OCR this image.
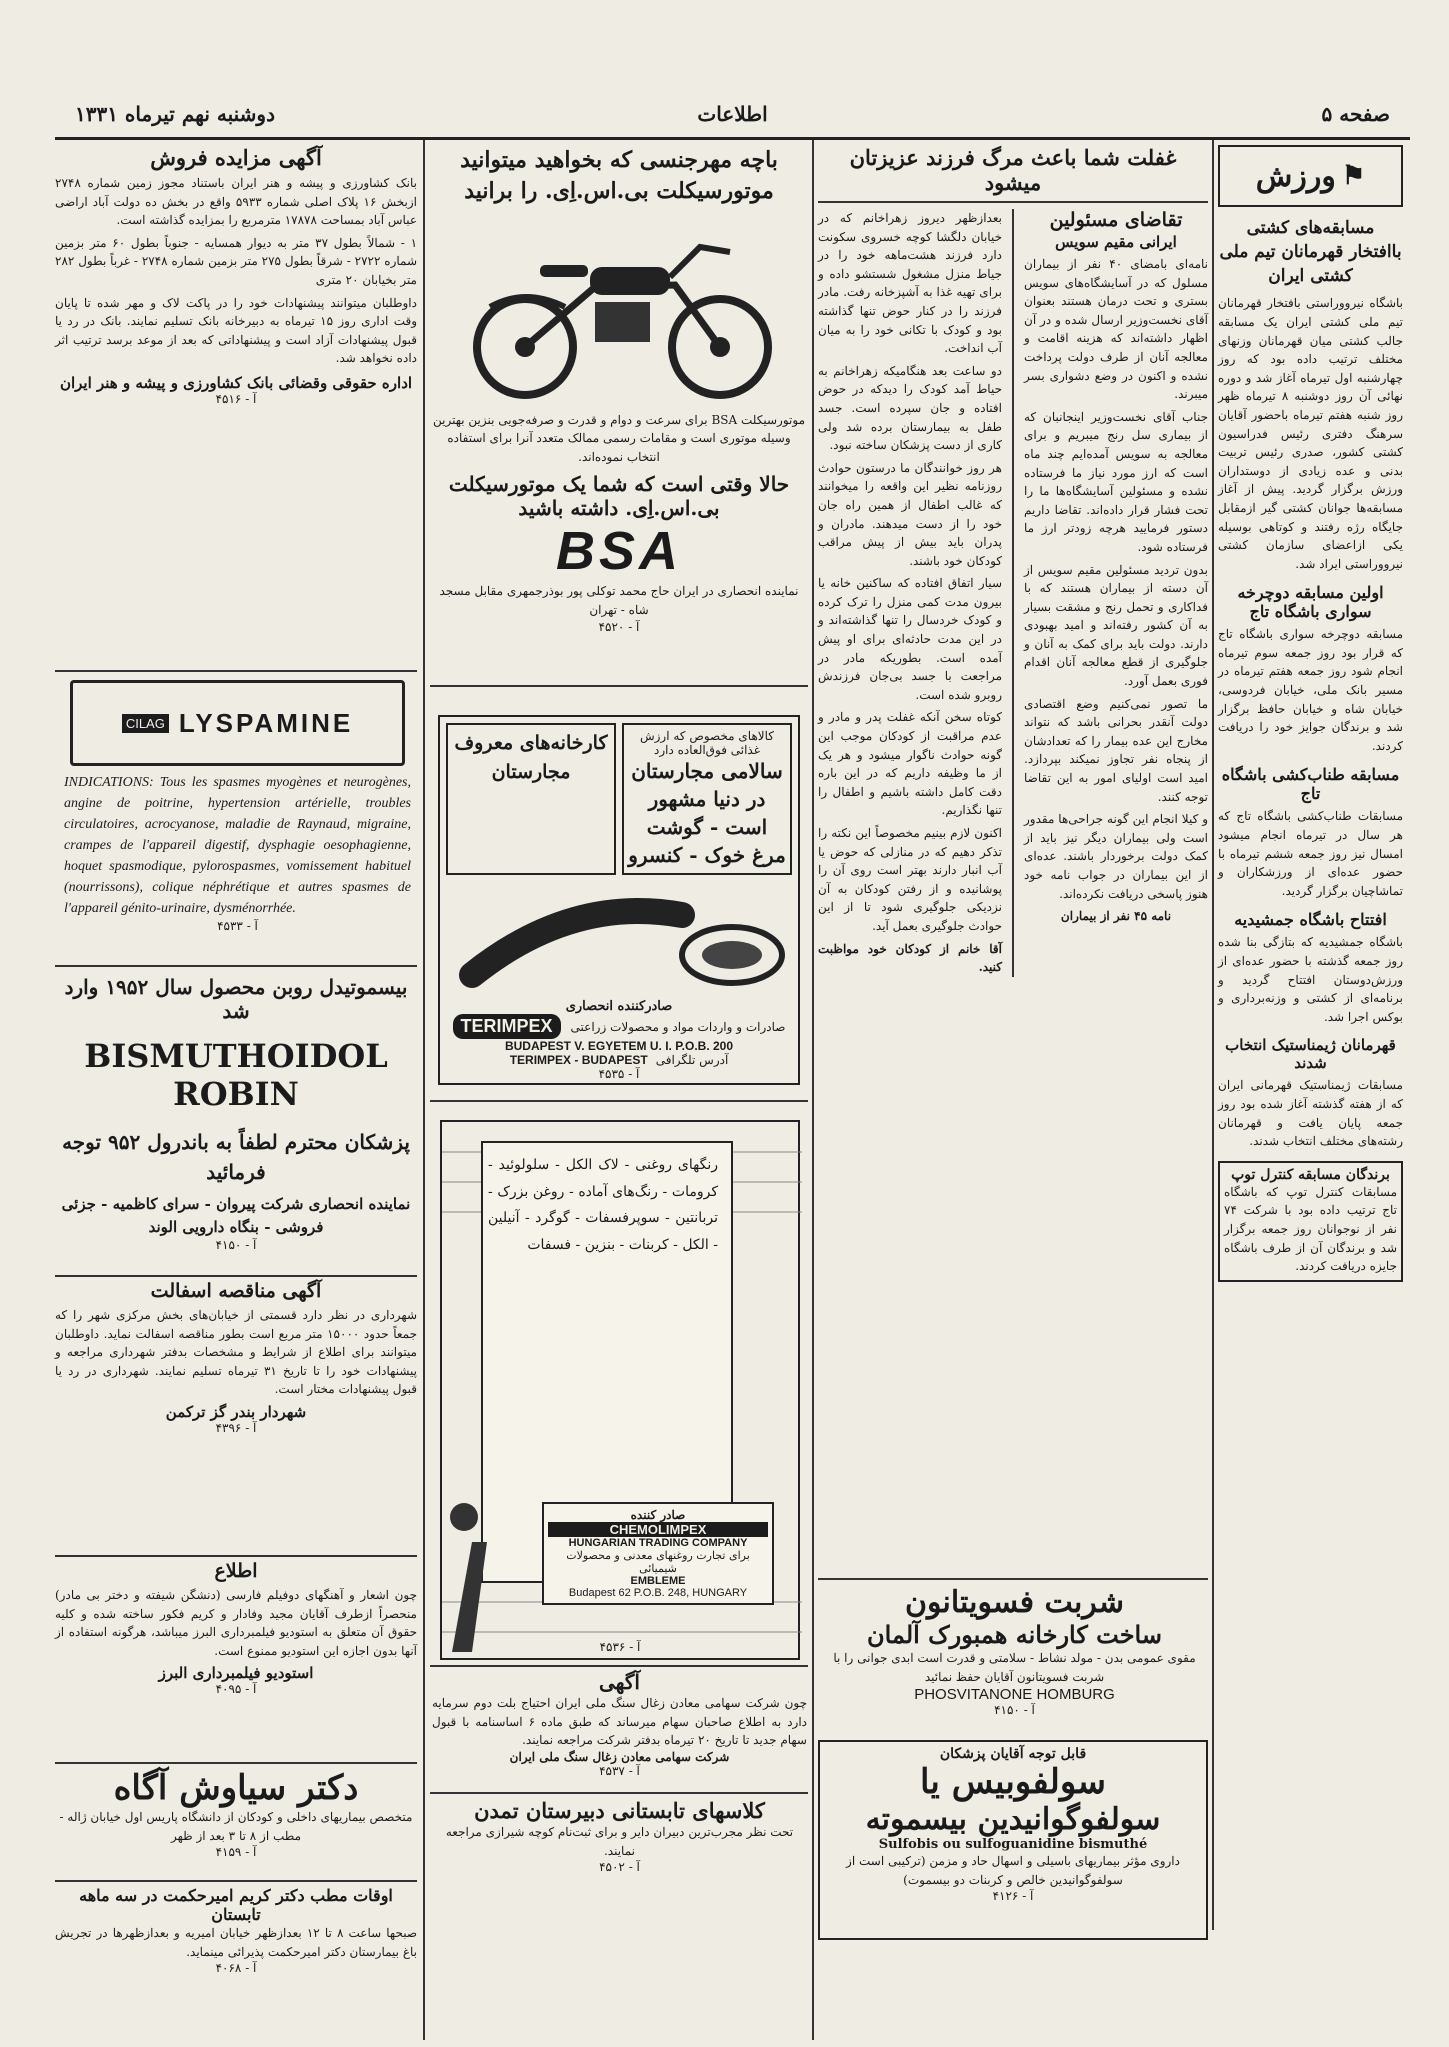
صفحه ۵
اطلاعات
دوشنبه نهم تیرماه ۱۳۳۱
⚑
ورزش
مسابقه‌های کشتی باافتخار قهرمانان تیم ملی کشتی ایران

باشگاه نیرووراستی بافتخار قهرمانان تیم ملی کشتی ایران یک مسابقه جالب کشتی میان قهرمانان وزنهای مختلف ترتیب داده بود که روز چهارشنبه اول تیرماه آغاز شد و دوره نهائی آن روز دوشنبه ۸ تیرماه ظهر روز شنبه هفتم تیرماه باحضور آقایان سرهنگ دفتری رئیس فدراسیون کشتی کشور، صدری رئیس تربیت بدنی و عده زیادی از دوستداران ورزش برگزار گردید. پیش از آغاز مسابقه‌ها جوانان کشتی گیر ازمقابل جایگاه رژه رفتند و کوتاهی بوسیله یکی ازاعضای سازمان کشتی نیرووراستی ایراد شد.

اولین مسابقه دوچرخه سواری باشگاه تاج

مسابقه دوچرخه سواری باشگاه تاج که قرار بود روز جمعه سوم تیرماه انجام شود روز جمعه هفتم تیرماه در مسیر بانک ملی، خیابان فردوسی، خیابان شاه و خیابان حافظ برگزار شد و برندگان جوایز خود را دریافت کردند.

مسابقه طناب‌کشی باشگاه تاج

مسابقات طناب‌کشی باشگاه تاج که هر سال در تیرماه انجام میشود امسال نیز روز جمعه ششم تیرماه با حضور عده‌ای از ورزشکاران و تماشاچیان برگزار گردید.

افتتاح باشگاه جمشیدیه

باشگاه جمشیدیه که بتازگی بنا شده روز جمعه گذشته با حضور عده‌ای از ورزش‌دوستان افتتاح گردید و برنامه‌ای از کشتی و وزنه‌برداری و بوکس اجرا شد.

قهرمانان ژیمناستیک انتخاب شدند

مسابقات ژیمناستیک قهرمانی ایران که از هفته گذشته آغاز شده بود روز جمعه پایان یافت و قهرمانان رشته‌های مختلف انتخاب شدند.

برندگان مسابقه کنترل توپ

مسابقات کنترل توپ که باشگاه تاج ترتیب داده بود با شرکت ۷۴ نفر از نوجوانان روز جمعه برگزار شد و برندگان آن از طرف باشگاه جایزه دریافت کردند.

غفلت شما باعث مرگ فرزند عزیزتان میشود
تقاضای مسئولین
ایرانی مقیم سویس

نامه‌ای بامضای ۴۰ نفر از بیماران مسلول که در آسایشگاه‌های سویس بستری و تحت درمان هستند بعنوان آقای نخست‌وزیر ارسال شده و در آن اظهار داشته‌اند که هزینه اقامت و معالجه آنان از طرف دولت پرداخت نشده و اکنون در وضع دشواری بسر میبرند.

جناب آقای نخست‌وزیر اینجانبان که از بیماری سل رنج میبریم و برای معالجه به سویس آمده‌ایم چند ماه است که ارز مورد نیاز ما فرستاده نشده و مسئولین آسایشگاه‌ها ما را تحت فشار قرار داده‌اند. تقاضا داریم دستور فرمایید هرچه زودتر ارز ما فرستاده شود.

بدون تردید مسئولین مقیم سویس از آن دسته از بیماران هستند که با فداکاری و تحمل رنج و مشقت بسیار به آن کشور رفته‌اند و امید بهبودی دارند. دولت باید برای کمک به آنان و جلوگیری از قطع معالجه آنان اقدام فوری بعمل آورد.

ما تصور نمی‌کنیم وضع اقتصادی دولت آنقدر بحرانی باشد که نتواند مخارج این عده بیمار را که تعدادشان از پنجاه نفر تجاوز نمیکند بپردازد. امید است اولیای امور به این تقاضا توجه کنند.

و کیلا انجام این گونه جراحی‌ها مقدور است ولی بیماران دیگر نیز باید از کمک دولت برخوردار باشند. عده‌ای از این بیماران در جواب نامه خود هنوز پاسخی دریافت نکرده‌اند.

نامه ۴۵ نفر از بیماران

بعدازظهر دیروز زهراخانم که در خیابان دلگشا کوچه خسروی سکونت دارد فرزند هشت‌ماهه خود را در جیاط منزل مشغول شستشو داده و برای تهیه غذا به آشپزخانه رفت. مادر فرزند را در کنار حوض تنها گذاشته بود و کودک با تکانی خود را به میان آب انداخت.

دو ساعت بعد هنگامیکه زهراخانم به حیاط آمد کودک را دیدکه در حوض افتاده و جان سپرده است. جسد طفل به بیمارستان برده شد ولی کاری از دست پزشکان ساخته نبود.

هر روز خوانندگان ما درستون حوادث روزنامه نظیر این واقعه را میخوانند که غالب اطفال از همین راه جان خود را از دست میدهند. مادران و پدران باید بیش از پیش مراقب کودکان خود باشند.

سیار اتفاق افتاده که ساکنین خانه یا بیرون مدت کمی منزل را ترک کرده و کودک خردسال را تنها گذاشته‌اند و در این مدت حادثه‌ای برای او پیش آمده است. بطوریکه مادر در مراجعت با جسد بی‌جان فرزندش روبرو شده است.

کوتاه سخن آنکه غفلت پدر و مادر و عدم مراقبت از کودکان موجب این گونه حوادث ناگوار میشود و هر یک از ما وظیفه داریم که در این باره دقت کامل داشته باشیم و اطفال را تنها نگذاریم.

اکنون لازم بینیم مخصوصاً این نکته را تذکر دهیم که در منازلی که حوض یا آب انبار دارند بهتر است روی آن را پوشانیده و از رفتن کودکان به آن نزدیکی جلوگیری شود تا از این حوادث جلوگیری بعمل آید.

آقا خانم از کودکان خود مواظبت کنید.

شربت فسویتانون
ساخت کارخانه همبورک آلمان

مقوی عمومی بدن - مولد نشاط - سلامتی و قدرت است ابدی جوانی را با شربت فسویتانون آقایان حفظ نمائید

PHOSVITANONE HOMBURG
آ - ۴۱۵۰
قابل توجه آقایان پزشکان
سولفوبیس یا
سولفوگوانیدین بیسموته
Sulfobis ou sulfoguanidine bismuthé

داروی مؤثر بیماریهای باسیلی و اسهال حاد و مزمن (ترکیبی است از سولفوگوانیدین خالص و کربنات دو بیسموت)

آ - ۴۱۲۶
باچه مهرجنسی که بخواهید میتوانید موتورسیکلت بی.اس.اِی. را برانید

موتورسیکلت BSA برای سرعت و دوام و قدرت و صرفه‌جویی بنزین بهترین وسیله موتوری است و مقامات رسمی ممالک متعدد آنرا برای استفاده انتخاب نموده‌اند.

حالا وقتی است که شما یک موتورسیکلت بی.اس.اِی. داشته باشید
BSA

نماینده انحصاری در ایران حاج محمد توکلی پور بوذرجمهری مقابل مسجد شاه - تهران

آ - ۴۵۲۰
کالاهای مخصوص که ارزش غذائی فوق‌العاده دارد
سالامی مجارستان در دنیا مشهور است - گوشت مرغ خوک - کنسرو
کارخانه‌های معروف مجارستان
صادرکننده انحصاری
صادرات و واردات مواد و محصولات زراعتی
TERIMPEX
BUDAPEST V. EGYETEM U. I. P.O.B. 200
آدرس تلگرافی
TERIMPEX - BUDAPEST
آ - ۴۵۳۵

رنگهای روغنی - لاک الکل - سلولوئید - کرومات - رنگ‌های آماده - روغن بزرک - تربانتین - سوپرفسفات - گوگرد - آنیلین - الکل - کربنات - بنزین - فسفات

صادر کننده
CHEMOLIMPEX
HUNGARIAN TRADING COMPANY
برای تجارت روغنهای معدنی و محصولات شیمیائی
EMBLEME
Budapest 62 P.O.B. 248, HUNGARY
آ - ۴۵۳۶
آگهی

چون شرکت سهامی معادن زغال سنگ ملی ایران احتیاج بلت دوم سرمایه دارد به اطلاع صاحبان سهام میرساند که طبق ماده ۶ اساسنامه با قبول سهام جدید تا تاریخ ۲۰ تیرماه بدفتر شرکت مراجعه نمایند.

شرکت سهامی معادن زغال سنگ ملی ایران
آ - ۴۵۳۷
کلاسهای تابستانی دبیرستان تمدن

تحت نظر مجرب‌ترین دبیران دایر و برای ثبت‌نام کوچه شیرازی مراجعه نمایند.

آ - ۴۵۰۲
آگهی مزایده فروش

بانک کشاورزی و پیشه و هنر ایران باستناد مجوز زمین شماره ۲۷۴۸ ازبخش ۱۶ پلاک اصلی شماره ۵۹۳۳ واقع در بخش ده دولت آباد اراضی عباس آباد بمساحت ۱۷۸۷۸ مترمربع را بمزایده گذاشته است.

۱ - شمالاً بطول ۳۷ متر به دیوار همسایه - جنوباً بطول ۶۰ متر بزمین شماره ۲۷۲۲ - شرقاً بطول ۲۷۵ متر بزمین شماره ۲۷۴۸ - غرباً بطول ۲۸۲ متر بخیابان ۲۰ متری

داوطلبان میتوانند پیشنهادات خود را در پاکت لاک و مهر شده تا پایان وقت اداری روز ۱۵ تیرماه به دبیرخانه بانک تسلیم نمایند. بانک در رد یا قبول پیشنهادات آزاد است و پیشنهاداتی که بعد از موعد برسد ترتیب اثر داده نخواهد شد.

اداره حقوقی وقضائی بانک کشاورزی و پیشه و هنر ایران
آ - ۴۵۱۶
LYSPAMINE
CILAG

INDICATIONS: Tous les spasmes myogènes et neurogènes, angine de poitrine, hypertension artérielle, troubles circulatoires, acrocyanose, maladie de Raynaud, migraine, crampes de l'appareil digestif, dysphagie oesophagienne, hoquet spasmodique, pylorospasmes, vomissement habituel (nourrissons), colique néphrétique et autres spasmes de l'appareil génito-urinaire, dysménorrhée.

آ - ۴۵۳۳
بیسموتیدل روبن محصول سال ۱۹۵۲ وارد شد
BISMUTHOIDOL ROBIN
پزشکان محترم لطفاً به باندرول ۹۵۲ توجه فرمائید
نماینده انحصاری شرکت پیروان - سرای کاظمیه - جزئی فروشی - بنگاه دارویی الوند
آ - ۴۱۵۰
آگهی مناقصه اسفالت

شهرداری در نظر دارد قسمتی از خیابان‌های بخش مرکزی شهر را که جمعاً حدود ۱۵۰۰۰ متر مربع است بطور مناقصه اسفالت نماید. داوطلبان میتوانند برای اطلاع از شرایط و مشخصات بدفتر شهرداری مراجعه و پیشنهادات خود را تا تاریخ ۳۱ تیرماه تسلیم نمایند. شهرداری در رد یا قبول پیشنهادات مختار است.

شهردار بندر گز ترکمن
آ - ۴۳۹۶
اطلاع

چون اشعار و آهنگهای دوفیلم فارسی (دنشگن شیفته و دختر بی مادر) منحصراً ازطرف آقایان مجید وفادار و کریم فکور ساخته شده و کلیه حقوق آن متعلق به استودیو فیلمبرداری البرز میباشد، هرگونه استفاده از آنها بدون اجازه این استودیو ممنوع است.

استودیو فیلمبرداری البرز
آ - ۴۰۹۵
دکتر سیاوش آگاه

متخصص بیماریهای داخلی و کودکان از دانشگاه پاریس اول خیابان ژاله - مطب از ۸ تا ۳ بعد از ظهر

آ - ۴۱۵۹
اوقات مطب دکتر کریم امیرحکمت در سه ماهه تابستان

صبحها ساعت ۸ تا ۱۲ بعدازظهر خیابان امیریه و بعدازظهرها در تجریش باغ بیمارستان دکتر امیرحکمت پذیرائی مینماید.

آ - ۴۰۶۸
